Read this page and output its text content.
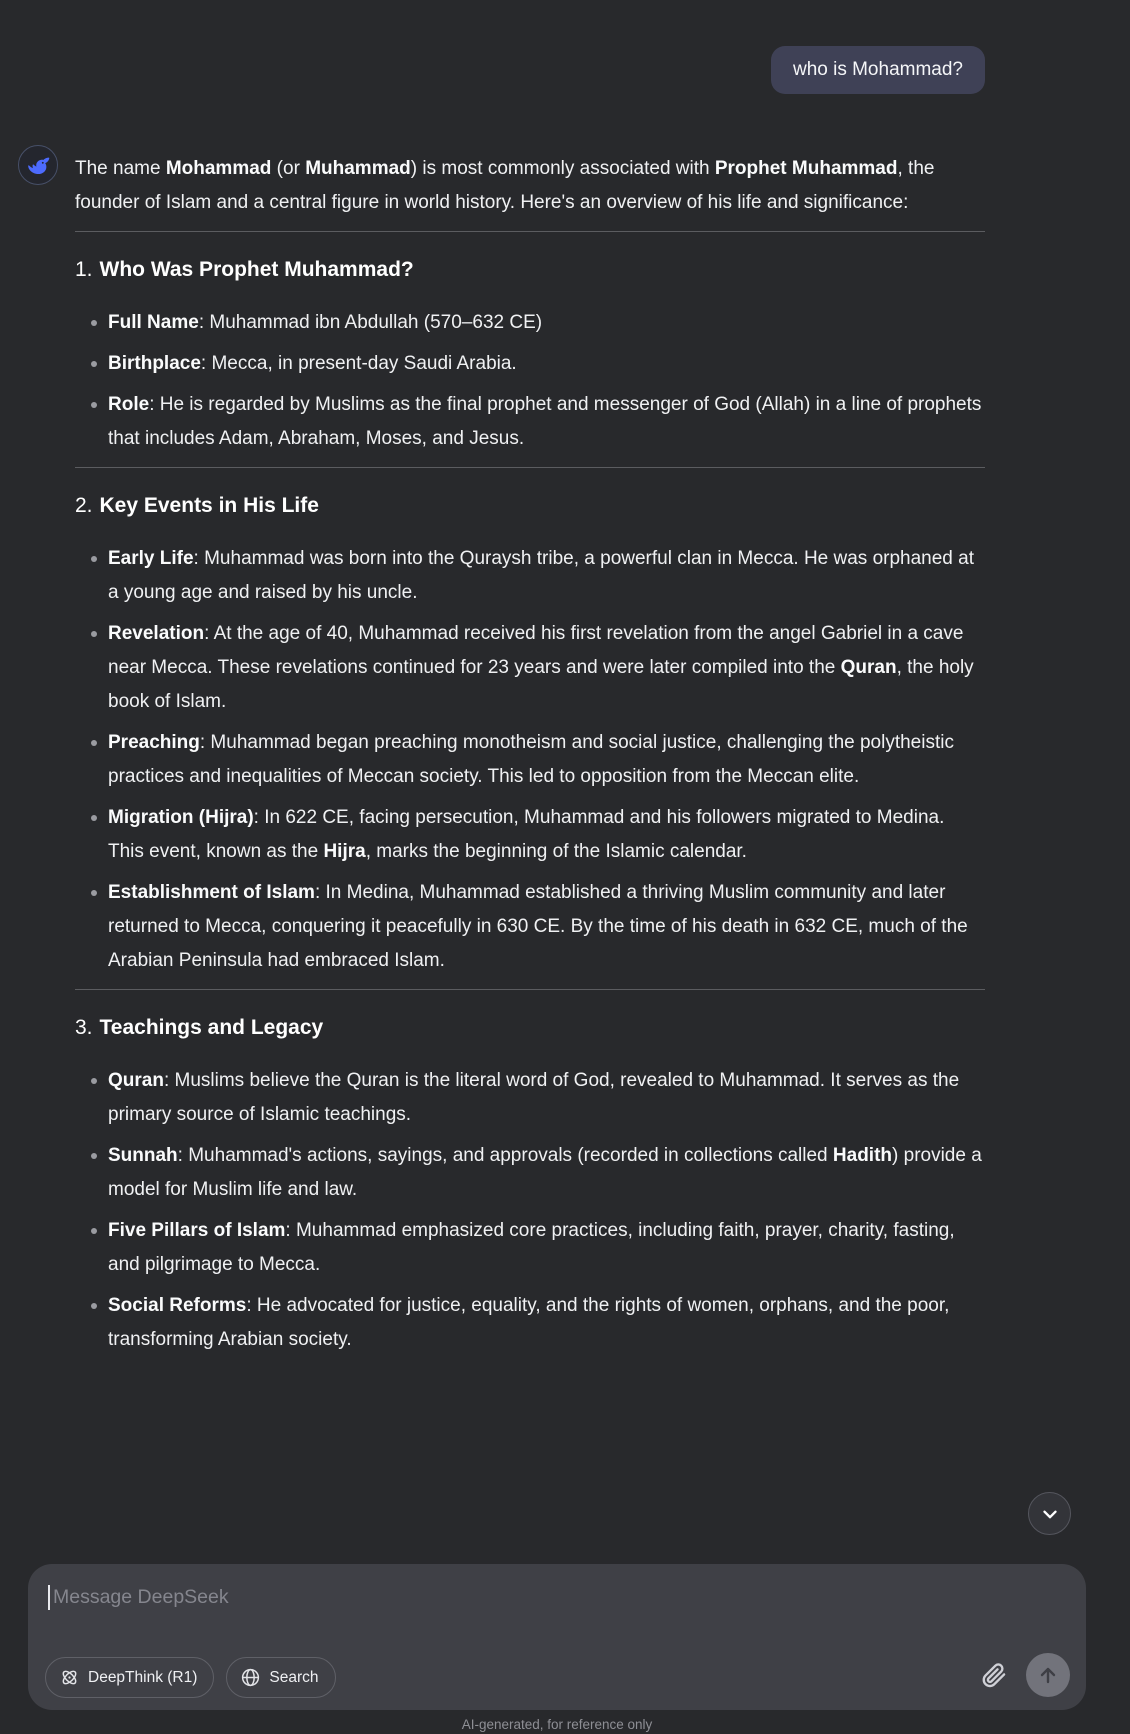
who is Mohammad?

The name Mohammad (or Muhammad) is most commonly associated with Prophet Muhammad, the founder of Islam and a central figure in world history. Here's an overview of his life and significance:

1. Who Was Prophet Muhammad?
Full Name: Muhammad ibn Abdullah (570–632 CE)
Birthplace: Mecca, in present-day Saudi Arabia.
Role: He is regarded by Muslims as the final prophet and messenger of God (Allah) in a line of prophets that includes Adam, Abraham, Moses, and Jesus.
2. Key Events in His Life
Early Life: Muhammad was born into the Quraysh tribe, a powerful clan in Mecca. He was orphaned at a young age and raised by his uncle.
Revelation: At the age of 40, Muhammad received his first revelation from the angel Gabriel in a cave near Mecca. These revelations continued for 23 years and were later compiled into the Quran, the holy book of Islam.
Preaching: Muhammad began preaching monotheism and social justice, challenging the polytheistic practices and inequalities of Meccan society. This led to opposition from the Meccan elite.
Migration (Hijra): In 622 CE, facing persecution, Muhammad and his followers migrated to Medina. This event, known as the Hijra, marks the beginning of the Islamic calendar.
Establishment of Islam: In Medina, Muhammad established a thriving Muslim community and later returned to Mecca, conquering it peacefully in 630 CE. By the time of his death in 632 CE, much of the Arabian Peninsula had embraced Islam.
3. Teachings and Legacy
Quran: Muslims believe the Quran is the literal word of God, revealed to Muhammad. It serves as the primary source of Islamic teachings.
Sunnah: Muhammad's actions, sayings, and approvals (recorded in collections called Hadith) provide a model for Muslim life and law.
Five Pillars of Islam: Muhammad emphasized core practices, including faith, prayer, charity, fasting, and pilgrimage to Mecca.
Social Reforms: He advocated for justice, equality, and the rights of women, orphans, and the poor, transforming Arabian society.
Message DeepSeek
DeepThink (R1)	Search
AI-generated, for reference only
